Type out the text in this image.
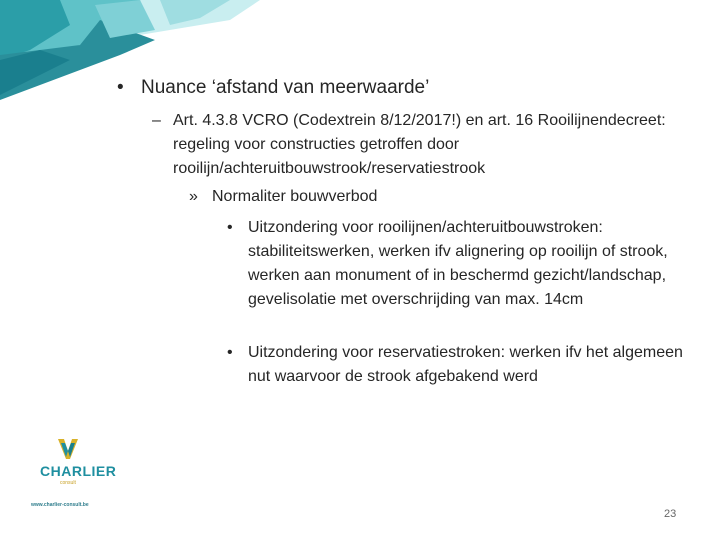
• Nuance ‘afstand van meerwaarde’
– Art. 4.3.8 VCRO (Codextrein 8/12/2017!) en art. 16 Rooilijnendecreet: regeling voor constructies getroffen door rooilijn/achteruitbouwstrook/reservatiestrook
» Normaliter bouwverbod
• Uitzondering voor rooilijnen/achteruitbouwstroken: stabiliteitswerken, werken ifv alignering op rooilijn of strook, werken aan monument of in beschermd gezicht/landschap, gevelisolatie met overschrijding van max. 14cm
• Uitzondering voor reservatiestroken: werken ifv het algemeen nut waarvoor de strook afgebakend werd
CHARLIER
consult
www.charlier-consult.be
23
